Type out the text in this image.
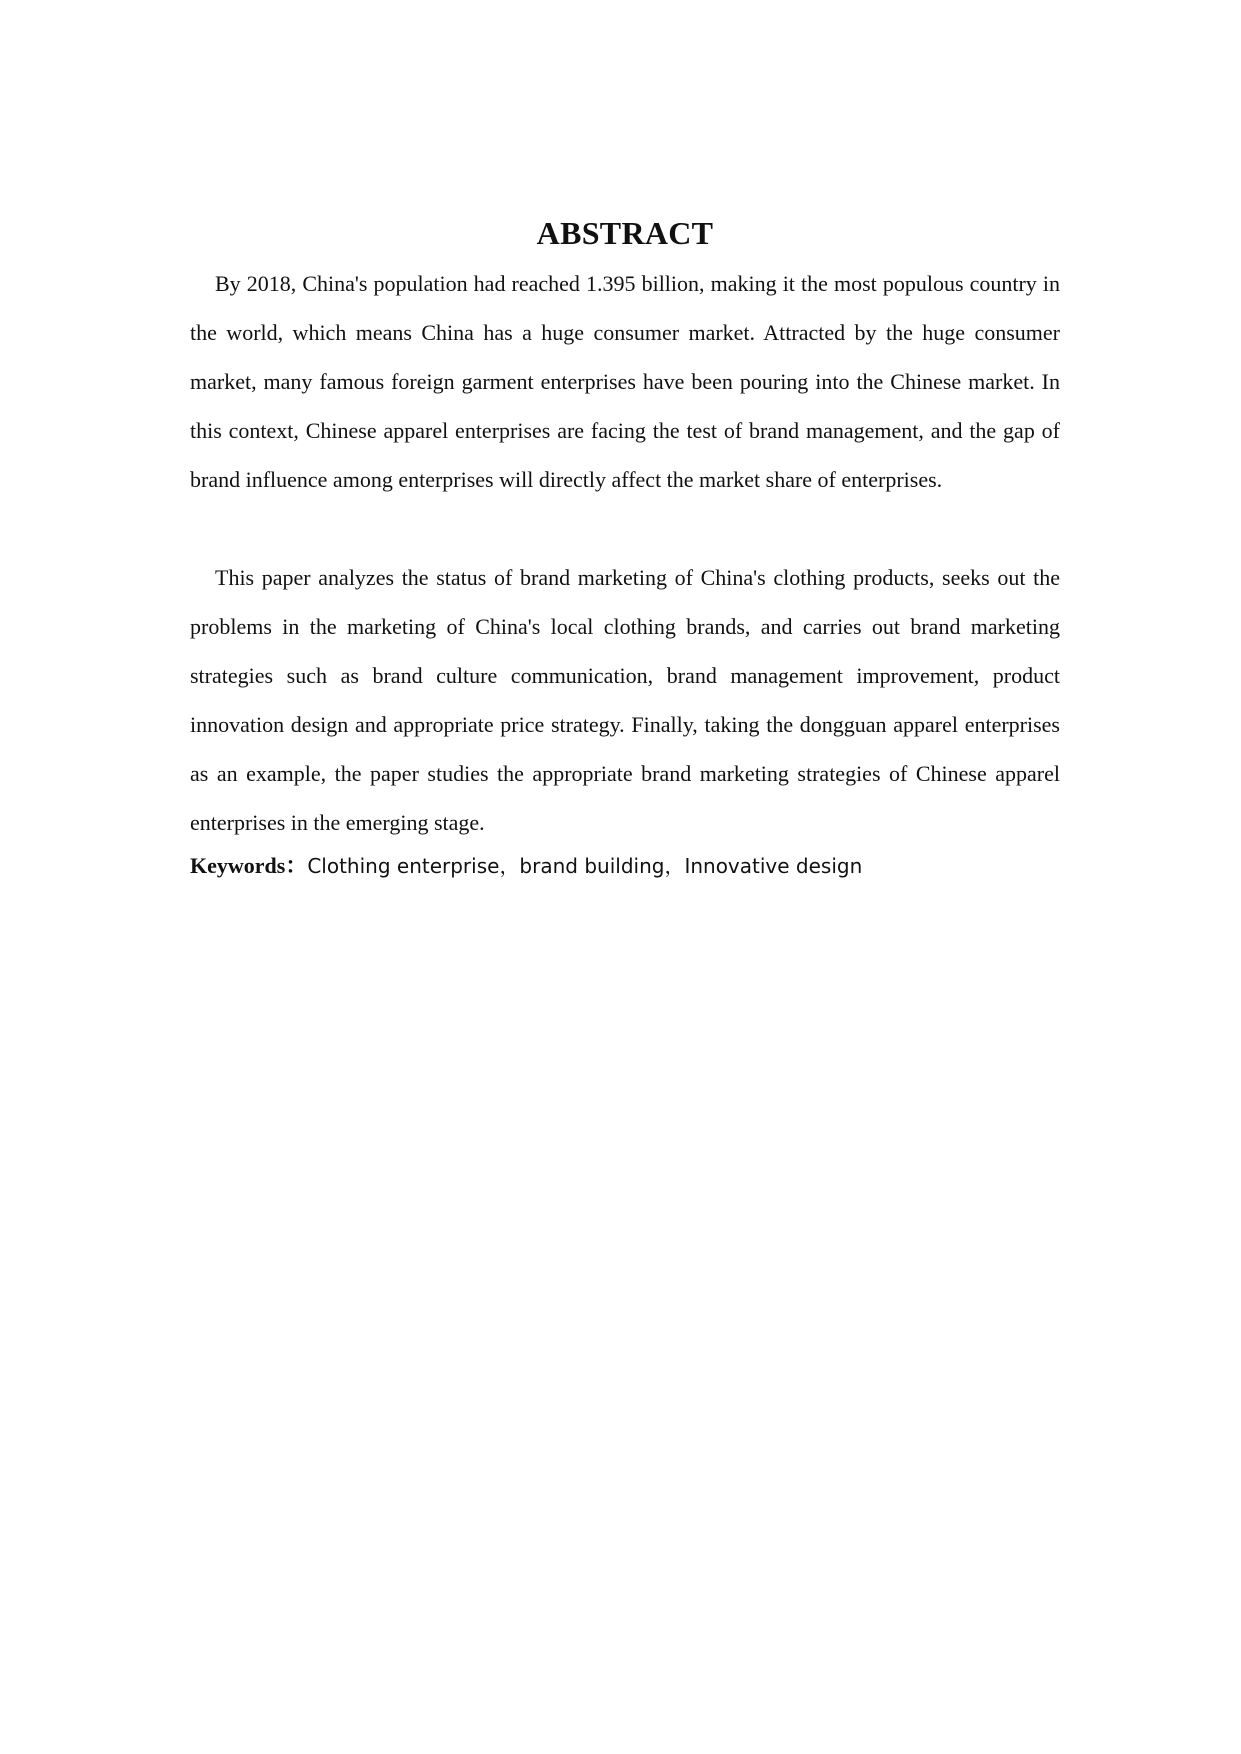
ABSTRACT

By 2018, China's population had reached 1.395 billion, making it the most populous country in the world, which means China has a huge consumer market. Attracted by the huge consumer market, many famous foreign garment enterprises have been pouring into the Chinese market. In this context, Chinese apparel enterprises are facing the test of brand management, and the gap of brand influence among enterprises will directly affect the market share of enterprises.

This paper analyzes the status of brand marketing of China's clothing products, seeks out the problems in the marketing of China's local clothing brands, and carries out brand marketing strategies such as brand culture communication, brand management improvement, product innovation design and appropriate price strategy. Finally, taking the dongguan apparel enterprises as an example, the paper studies the appropriate brand marketing strategies of Chinese apparel enterprises in the emerging stage.

Keywords：Clothing enterprise，brand building，Innovative design
